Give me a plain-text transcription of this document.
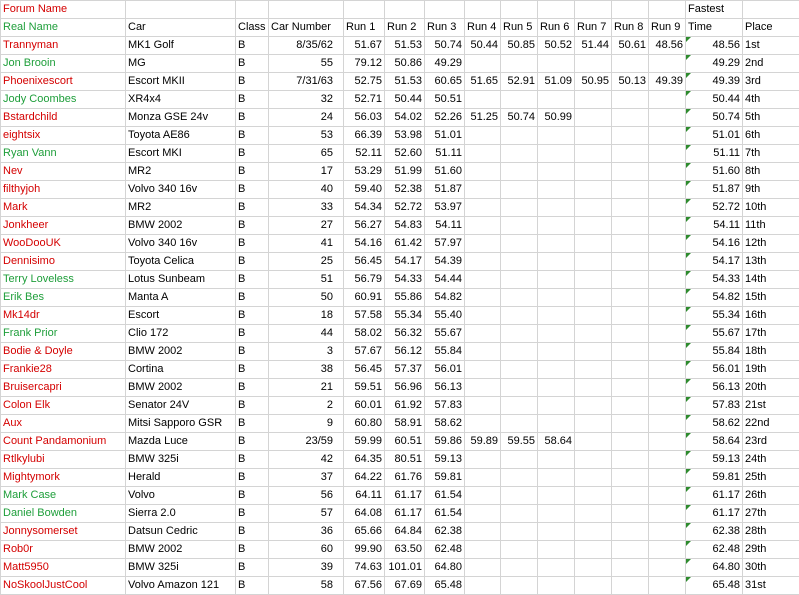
Forum Name													Fastest	
Real Name	Car	Class	Car Number	Run 1	Run 2	Run 3	Run 4	Run 5	Run 6	Run 7	Run 8	Run 9	Time	Place
Trannyman	MK1 Golf	B	8/35/62	51.67	51.53	50.74	50.44	50.85	50.52	51.44	50.61	48.56	48.56	1st
Jon Brooin	MG	B	55	79.12	50.86	49.29							49.29	2nd
Phoenixescort	Escort MKII	B	7/31/63	52.75	51.53	60.65	51.65	52.91	51.09	50.95	50.13	49.39	49.39	3rd
Jody Coombes	XR4x4	B	32	52.71	50.44	50.51							50.44	4th
Bstardchild	Monza GSE 24v	B	24	56.03	54.02	52.26	51.25	50.74	50.99				50.74	5th
eightsix	Toyota AE86	B	53	66.39	53.98	51.01							51.01	6th
Ryan Vann	Escort MKI	B	65	52.11	52.60	51.11							51.11	7th
Nev	MR2	B	17	53.29	51.99	51.60							51.60	8th
filthyjoh	Volvo 340 16v	B	40	59.40	52.38	51.87							51.87	9th
Mark	MR2	B	33	54.34	52.72	53.97							52.72	10th
Jonkheer	BMW 2002	B	27	56.27	54.83	54.11							54.11	11th
WooDooUK	Volvo 340 16v	B	41	54.16	61.42	57.97							54.16	12th
Dennisimo	Toyota Celica	B	25	56.45	54.17	54.39							54.17	13th
Terry Loveless	Lotus Sunbeam	B	51	56.79	54.33	54.44							54.33	14th
Erik Bes	Manta A	B	50	60.91	55.86	54.82							54.82	15th
Mk14dr	Escort	B	18	57.58	55.34	55.40							55.34	16th
Frank Prior	Clio 172	B	44	58.02	56.32	55.67							55.67	17th
Bodie & Doyle	BMW 2002	B	3	57.67	56.12	55.84							55.84	18th
Frankie28	Cortina	B	38	56.45	57.37	56.01							56.01	19th
Bruisercapri	BMW 2002	B	21	59.51	56.96	56.13							56.13	20th
Colon Elk	Senator 24V	B	2	60.01	61.92	57.83							57.83	21st
Aux	Mitsi Sapporo GSR	B	9	60.80	58.91	58.62							58.62	22nd
Count Pandamonium	Mazda Luce	B	23/59	59.99	60.51	59.86	59.89	59.55	58.64				58.64	23rd
Rtlkylubi	BMW 325i	B	42	64.35	80.51	59.13							59.13	24th
Mightymork	Herald	B	37	64.22	61.76	59.81							59.81	25th
Mark Case	Volvo	B	56	64.11	61.17	61.54							61.17	26th
Daniel Bowden	Sierra 2.0	B	57	64.08	61.17	61.54							61.17	27th
Jonnysomerset	Datsun Cedric	B	36	65.66	64.84	62.38							62.38	28th
Rob0r	BMW 2002	B	60	99.90	63.50	62.48							62.48	29th
Matt5950	BMW 325i	B	39	74.63	101.01	64.80							64.80	30th
NoSkoolJustCool	Volvo Amazon 121	B	58	67.56	67.69	65.48							65.48	31st
